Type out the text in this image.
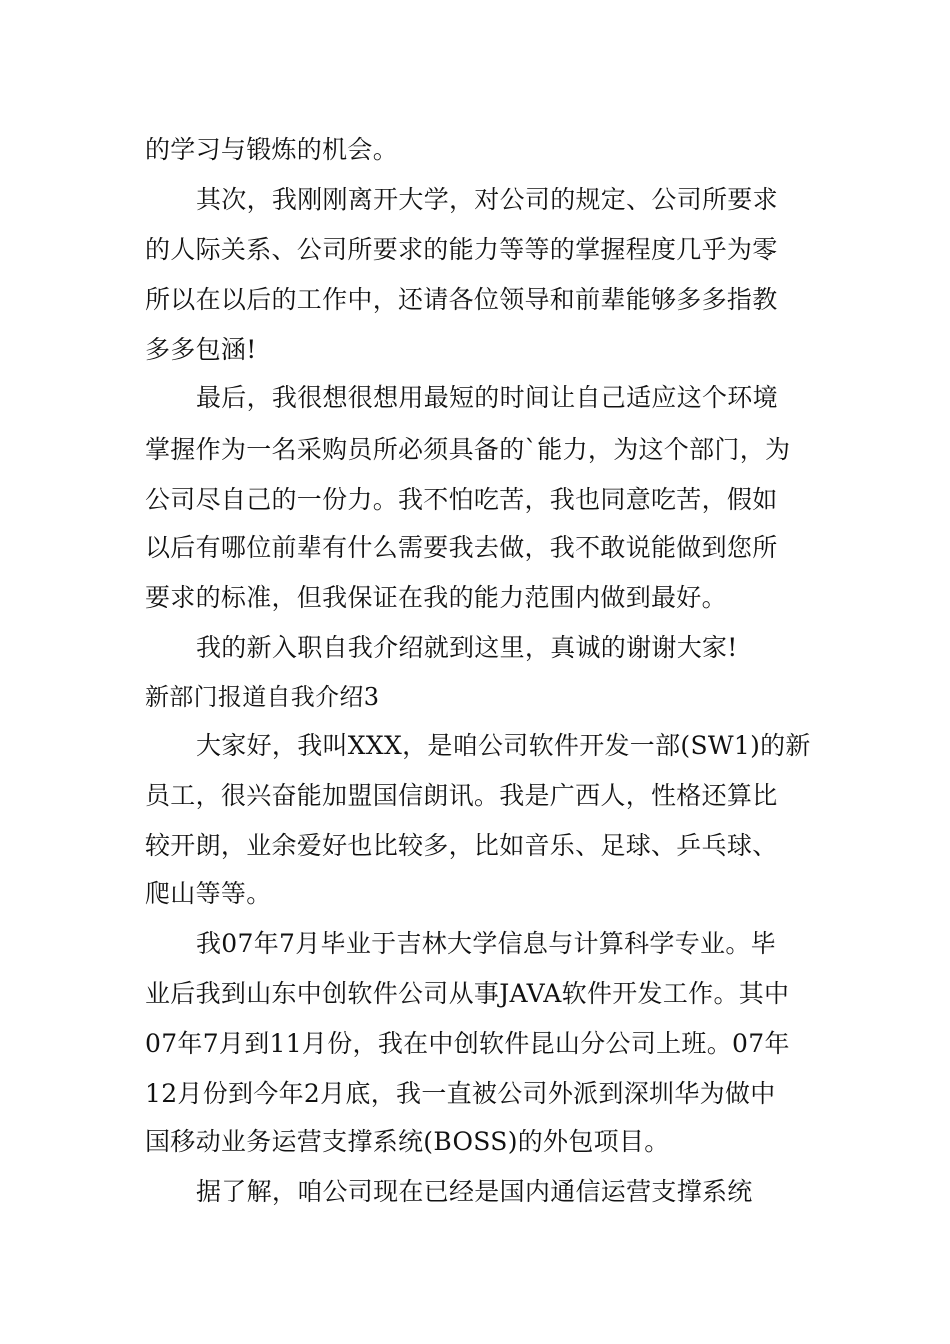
的学习与锻炼的机会。
其次，我刚刚离开大学，对公司的规定、公司所要求
的人际关系、公司所要求的能力等等的掌握程度几乎为零
所以在以后的工作中，还请各位领导和前辈能够多多指教
多多包涵!
最后，我很想很想用最短的时间让自己适应这个环境
掌握作为一名采购员所必须具备的`能力，为这个部门，为
公司尽自己的一份力。我不怕吃苦，我也同意吃苦，假如
以后有哪位前辈有什么需要我去做，我不敢说能做到您所
要求的标准，但我保证在我的能力范围内做到最好。
我的新入职自我介绍就到这里，真诚的谢谢大家!
新部门报道自我介绍3
大家好，我叫XXX，是咱公司软件开发一部(SW1)的新
员工，很兴奋能加盟国信朗讯。我是广西人，性格还算比
较开朗，业余爱好也比较多，比如音乐、足球、乒乓球、
爬山等等。
我07年7月毕业于吉林大学信息与计算科学专业。毕
业后我到山东中创软件公司从事JAVA软件开发工作。其中
07年7月到11月份，我在中创软件昆山分公司上班。07年
12月份到今年2月底，我一直被公司外派到深圳华为做中
国移动业务运营支撑系统(BOSS)的外包项目。
据了解，咱公司现在已经是国内通信运营支撑系统
